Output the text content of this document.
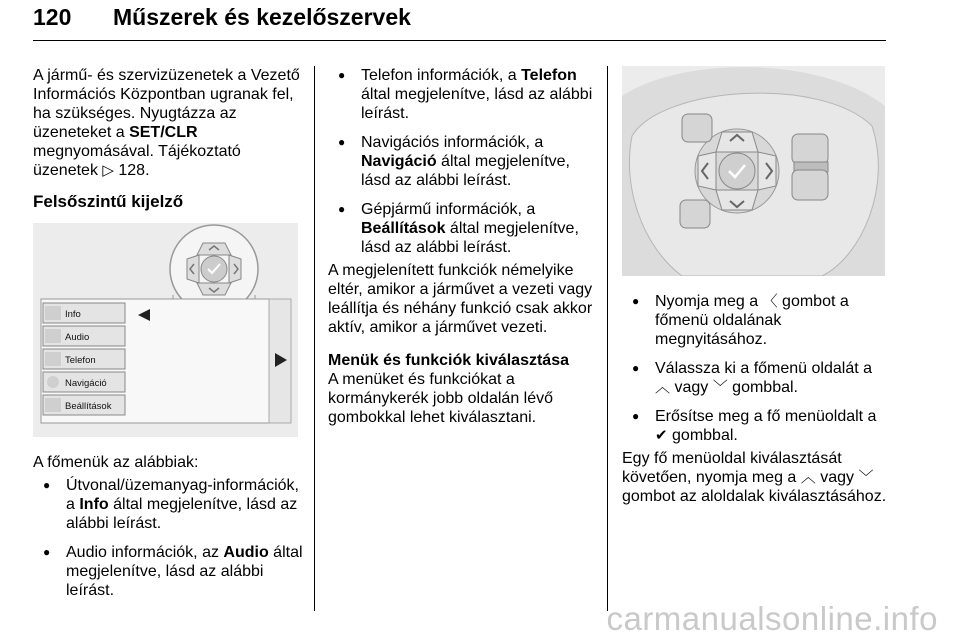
120 Műszerek és kezelőszervek

A jármű- és szervizüzenetek a Vezető Információs Központban ugranak fel, ha szükséges. Nyugtázza az üzeneteket a SET/CLR megnyomásával. Tájékoztató üzenetek ▷ 128.

Felsőszintű kijelző

Info
Audio
Telefon
Navigáció
Beállítások

A főmenük az alábbiak:

● Útvonal/üzemanyag-információk, a Info által megjelenítve, lásd az alábbi leírást.
● Audio információk, az Audio által megjelenítve, lásd az alábbi leírást.
● Telefon információk, a Telefon által megjelenítve, lásd az alábbi leírást.
● Navigációs információk, a Navigáció által megjelenítve, lásd az alábbi leírást.
● Gépjármű információk, a Beállítások által megjelenítve, lásd az alábbi leírást.

A megjelenített funkciók némelyike eltér, amikor a járművet a vezeti vagy leállítja és néhány funkció csak akkor aktív, amikor a járművet vezeti.

Menük és funkciók kiválasztása

A menüket és funkciókat a kormánykerék jobb oldalán lévő gombokkal lehet kiválasztani.

● Nyomja meg a 〈 gombot a főmenü oldalának megnyitásához.
● Válassza ki a főmenü oldalát a ︿ vagy ﹀ gombbal.
● Erősítse meg a fő menüoldalt a ✔ gombbal.

Egy fő menüoldal kiválasztását követően, nyomja meg a ︿ vagy ﹀ gombot az aloldalak kiválasztásához.

carmanualsonline.info
